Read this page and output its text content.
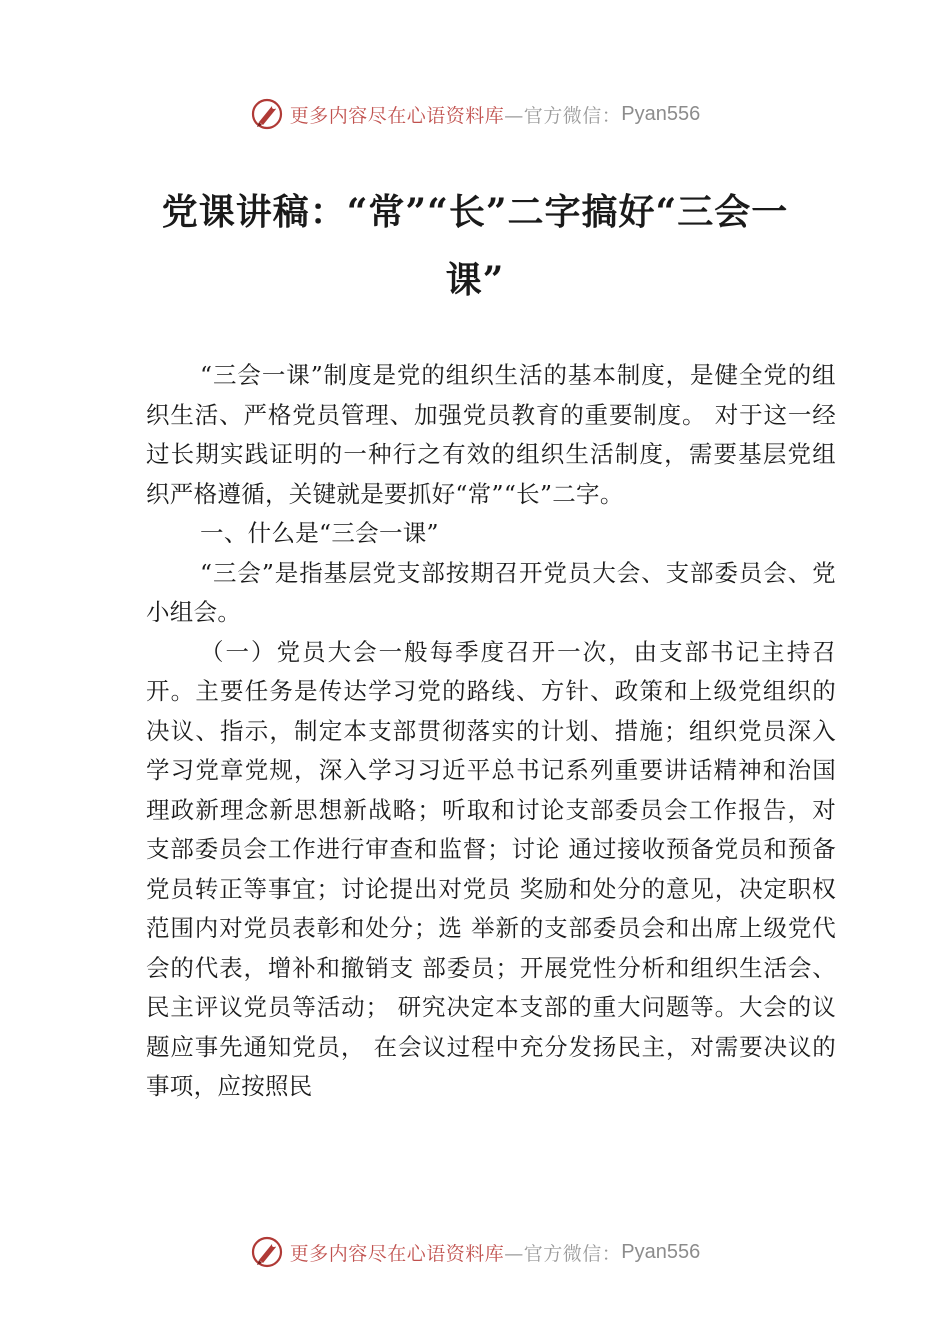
更多内容尽在心语资料库 —官方微信： Pyan556
党课讲稿：“常”“长”二字搞好“三会一课”

“三会一课”制度是党的组织生活的基本制度，是健全党的组织生活、严格党员管理、加强党员教育的重要制度。 对于这一经过长期实践证明的一种行之有效的组织生活制度，需要基层党组织严格遵循，关键就是要抓好“常”“长”二字。

一、什么是“三会一课”

“三会”是指基层党支部按期召开党员大会、支部委员会、党小组会。

（一）党员大会一般每季度召开一次，由支部书记主持召开。主要任务是传达学习党的路线、方针、政策和上级党组织的决议、指示，制定本支部贯彻落实的计划、措施；组织党员深入学习党章党规，深入学习习近平总书记系列重要讲话精神和治国理政新理念新思想新战略；听取和讨论支部委员会工作报告，对支部委员会工作进行审查和监督；讨论 通过接收预备党员和预备党员转正等事宜；讨论提出对党员 奖励和处分的意见，决定职权范围内对党员表彰和处分；选 举新的支部委员会和出席上级党代会的代表，增补和撤销支 部委员；开展党性分析和组织生活会、民主评议党员等活动； 研究决定本支部的重大问题等。大会的议题应事先通知党员， 在会议过程中充分发扬民主，对需要决议的事项，应按照民

更多内容尽在心语资料库 —官方微信： Pyan556
